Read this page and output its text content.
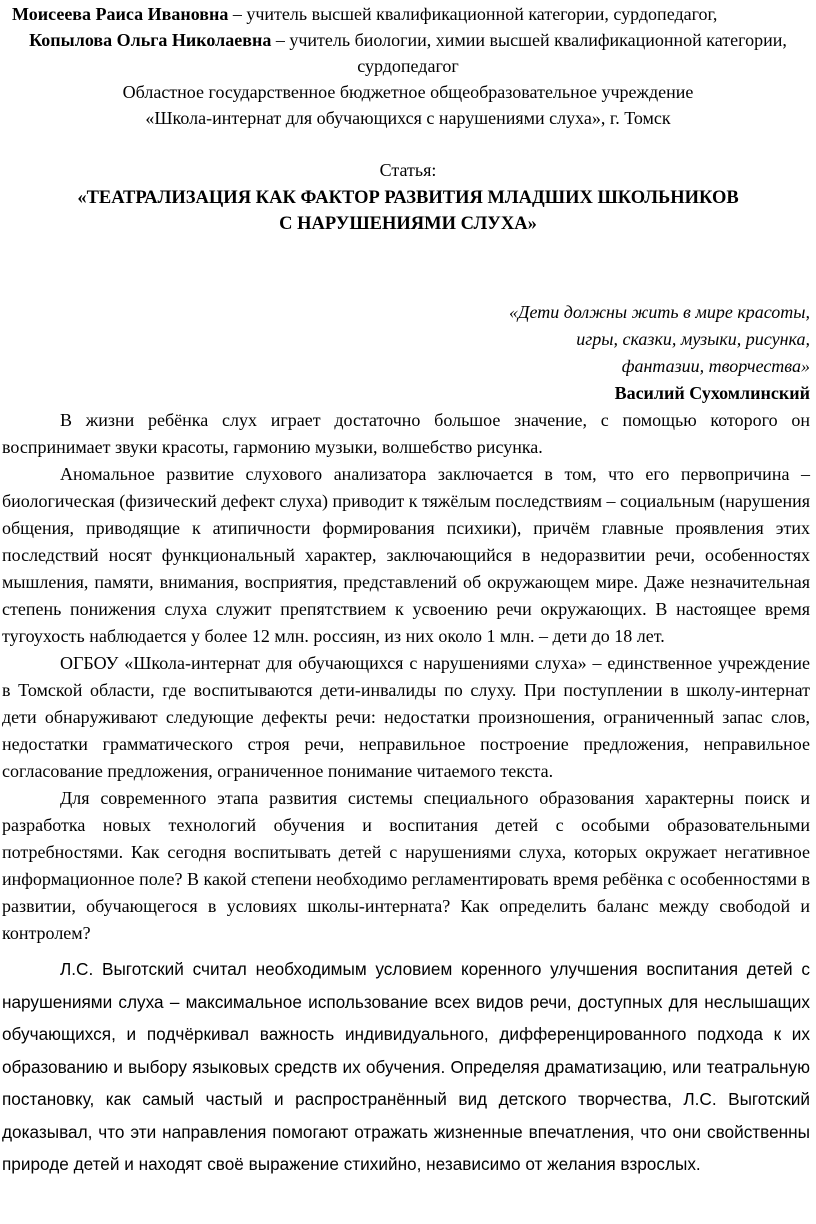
Моисеева Раиса Ивановна – учитель высшей квалификационной категории, сурдопедагог,

Копылова Ольга Николаевна – учитель биологии, химии высшей квалификационной категории, сурдопедагог

Областное государственное бюджетное общеобразовательное учреждение

«Школа-интернат для обучающихся с нарушениями слуха», г. Томск

Статья:
«ТЕАТРАЛИЗАЦИЯ КАК ФАКТОР РАЗВИТИЯ МЛАДШИХ ШКОЛЬНИКОВ
С НАРУШЕНИЯМИ СЛУХА»

«Дети должны жить в мире красоты,

игры, сказки, музыки, рисунка,

фантазии, творчества»

Василий Сухомлинский

В жизни ребёнка слух играет достаточно большое значение, с помощью которого он воспринимает звуки красоты, гармонию музыки, волшебство рисунка.

Аномальное развитие слухового анализатора заключается в том, что его первопричина – биологическая (физический дефект слуха) приводит к тяжёлым последствиям – социальным (нарушения общения, приводящие к атипичности формирования психики), причём главные проявления этих последствий носят функциональный характер, заключающийся в недоразвитии речи, особенностях мышления, памяти, внимания, восприятия, представлений об окружающем мире. Даже незначительная степень понижения слуха служит препятствием к усвоению речи окружающих. В настоящее время тугоухость наблюдается у более 12 млн. россиян, из них около 1 млн. – дети до 18 лет.

ОГБОУ «Школа-интернат для обучающихся с нарушениями слуха» – единственное учреждение в Томской области, где воспитываются дети-инвалиды по слуху. При поступлении в школу-интернат дети обнаруживают следующие дефекты речи: недостатки произношения, ограниченный запас слов, недостатки грамматического строя речи, неправильное построение предложения, неправильное согласование предложения, ограниченное понимание читаемого текста.

Для современного этапа развития системы специального образования характерны поиск и разработка новых технологий обучения и воспитания детей с особыми образовательными потребностями. Как сегодня воспитывать детей с нарушениями слуха, которых окружает негативное информационное поле? В какой степени необходимо регламентировать время ребёнка с особенностями в развитии, обучающегося в условиях школы-интерната? Как определить баланс между свободой и контролем?

Л.С. Выготский считал необходимым условием коренного улучшения воспитания детей с нарушениями слуха – максимальное использование всех видов речи, доступных для неслышащих обучающихся, и подчёркивал важность индивидуального, дифференцированного подхода к их образованию и выбору языковых средств их обучения. Определяя драматизацию, или театральную постановку, как самый частый и распространённый вид детского творчества, Л.С. Выготский доказывал, что эти направления помогают отражать жизненные впечатления, что они свойственны природе детей и находят своё выражение стихийно, независимо от желания взрослых.
